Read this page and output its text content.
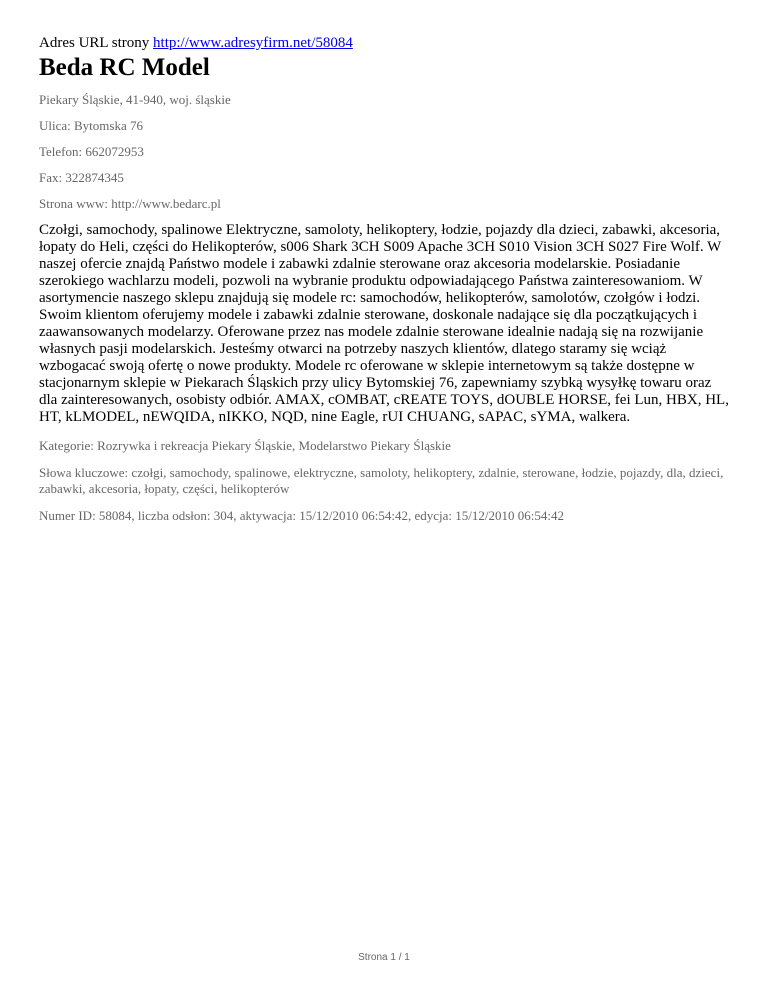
Adres URL strony http://www.adresyfirm.net/58084

Beda RC Model

Piekary Śląskie, 41-940, woj. śląskie

Ulica: Bytomska 76

Telefon: 662072953

Fax: 322874345

Strona www: http://www.bedarc.pl

Czołgi, samochody, spalinowe Elektryczne, samoloty, helikoptery, łodzie, pojazdy dla dzieci, zabawki, akcesoria, łopaty do Heli, części do Helikopterów, s006 Shark 3CH S009 Apache 3CH S010 Vision 3CH S027 Fire Wolf. W naszej ofercie znajdą Państwo modele i zabawki zdalnie sterowane oraz akcesoria modelarskie. Posiadanie szerokiego wachlarzu modeli, pozwoli na wybranie produktu odpowiadającego Państwa zainteresowaniom. W asortymencie naszego sklepu znajdują się modele rc: samochodów, helikopterów, samolotów, czołgów i łodzi. Swoim klientom oferujemy modele i zabawki zdalnie sterowane, doskonale nadające się dla początkujących i zaawansowanych modelarzy. Oferowane przez nas modele zdalnie sterowane idealnie nadają się na rozwijanie własnych pasji modelarskich. Jesteśmy otwarci na potrzeby naszych klientów, dlatego staramy się wciąż wzbogacać swoją ofertę o nowe produkty. Modele rc oferowane w sklepie internetowym są także dostępne w stacjonarnym sklepie w Piekarach Śląskich przy ulicy Bytomskiej 76, zapewniamy szybką wysyłkę towaru oraz dla zainteresowanych, osobisty odbiór. AMAX, cOMBAT, cREATE TOYS, dOUBLE HORSE, fei Lun, HBX, HL, HT, kLMODEL, nEWQIDA, nIKKO, NQD, nine Eagle, rUI CHUANG, sAPAC, sYMA, walkera.

Kategorie: Rozrywka i rekreacja Piekary Śląskie, Modelarstwo Piekary Śląskie

Słowa kluczowe: czołgi, samochody, spalinowe, elektryczne, samoloty, helikoptery, zdalnie, sterowane, łodzie, pojazdy, dla, dzieci, zabawki, akcesoria, łopaty, części, helikopterów

Numer ID: 58084, liczba odsłon: 304, aktywacja: 15/12/2010 06:54:42, edycja: 15/12/2010 06:54:42

Strona 1 / 1
